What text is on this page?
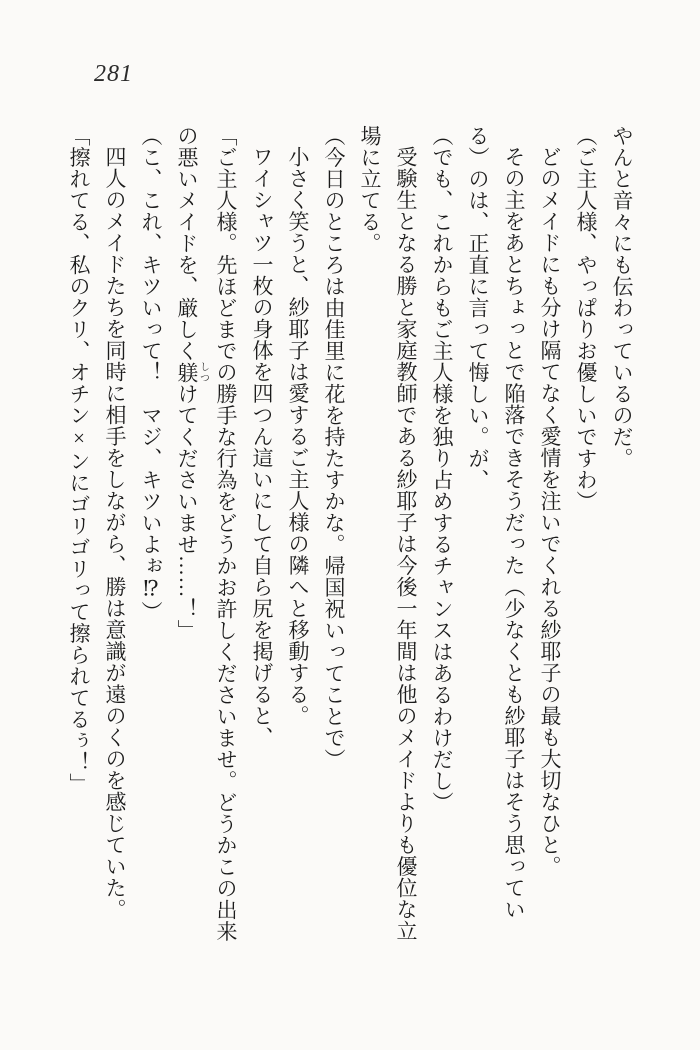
281

やんと音々にも伝わっているのだ。

（ご主人様、やっぱりお優しいですわ）

どのメイドにも分け隔てなく愛情を注いでくれる紗耶子の最も大切なひと。

その主をあとちょっとで陥落できそうだった（少なくとも紗耶子はそう思ってい

る）のは、正直に言って悔しい。が、

（でも、これからもご主人様を独り占めするチャンスはあるわけだし）

受験生となる勝と家庭教師である紗耶子は今後一年間は他のメイドよりも優位な立

場に立てる。

（今日のところは由佳里に花を持たすかな。帰国祝いってことで）

小さく笑うと、紗耶子は愛するご主人様の隣へと移動する。

ワイシャツ一枚の身体を四つん這いにして自ら尻を掲げると、

「ご主人様。先ほどまでの勝手な行為をどうかお許しくださいませ。どうかこの出来

の悪いメイドを、厳しく躾しつけてくださいませ……！」

（こ、これ、キツいって！　マジ、キツいよぉ⁉）

四人のメイドたちを同時に相手をしながら、勝は意識が遠のくのを感じていた。

「擦れてる、私のクリ、オチン×ンにゴリゴリって擦られてるぅ！」
